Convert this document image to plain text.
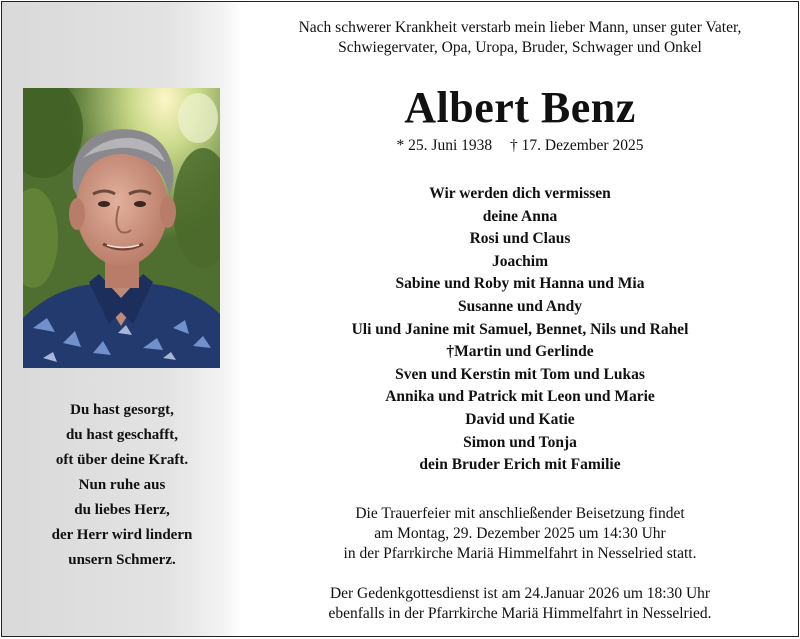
Du hast gesorgt,
du hast geschafft,
oft über deine Kraft.
Nun ruhe aus
du liebes Herz,
der Herr wird lindern
unsern Schmerz.
Nach schwerer Krankheit verstarb mein lieber Mann, unser guter Vater,
Schwiegervater, Opa, Uropa, Bruder, Schwager und Onkel
Albert Benz
* 25. Juni 1938 † 17. Dezember 2025
Wir werden dich vermissen
deine Anna
Rosi und Claus
Joachim
Sabine und Roby mit Hanna und Mia
Susanne und Andy
Uli und Janine mit Samuel, Bennet, Nils und Rahel
†Martin und Gerlinde
Sven und Kerstin mit Tom und Lukas
Annika und Patrick mit Leon und Marie
David und Katie
Simon und Tonja
dein Bruder Erich mit Familie
Die Trauerfeier mit anschließender Beisetzung findet
am Montag, 29. Dezember 2025 um 14:30 Uhr
in der Pfarrkirche Mariä Himmelfahrt in Nesselried statt.
Der Gedenkgottesdienst ist am 24.Januar 2026 um 18:30 Uhr
ebenfalls in der Pfarrkirche Mariä Himmelfahrt in Nesselried.
